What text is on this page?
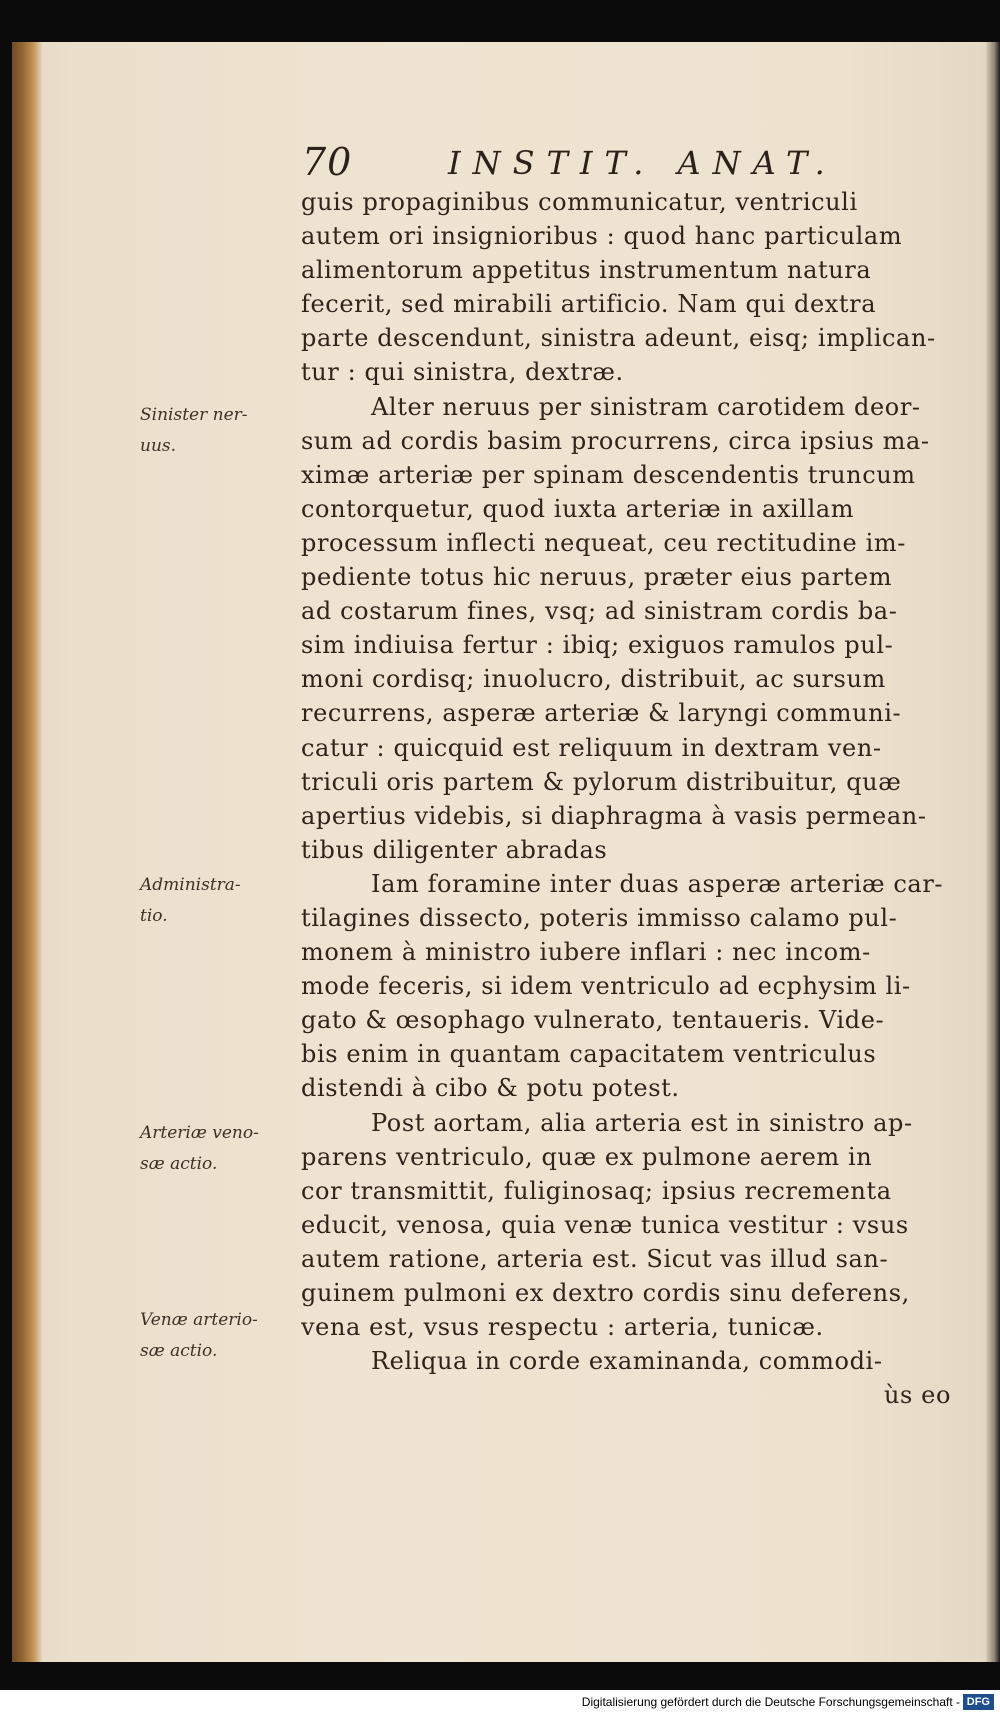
70	INSTIT. ANAT.
guis propaginibus communicatur, ventriculi
autem ori insignioribus : quod hanc particulam
alimentorum appetitus instrumentum natura
fecerit, sed mirabili artificio. Nam qui dextra
parte descendunt, sinistra adeunt, eisq; implican-
tur : qui sinistra, dextræ.
Alter neruus per sinistram carotidem deor-
sum ad cordis basim procurrens, circa ipsius ma-
ximæ arteriæ per spinam descendentis truncum
contorquetur, quod iuxta arteriæ in axillam
processum inflecti nequeat, ceu rectitudine im-
pediente totus hic neruus, præter eius partem
ad costarum fines, vsq; ad sinistram cordis ba-
sim indiuisa fertur : ibiq; exiguos ramulos pul-
moni cordisq; inuolucro, distribuit, ac sursum
recurrens, asperæ arteriæ & laryngi communi-
catur : quicquid est reliquum in dextram ven-
triculi oris partem & pylorum distribuitur, quæ
apertius videbis, si diaphragma à vasis permean-
tibus diligenter abradas
Iam foramine inter duas asperæ arteriæ car-
tilagines dissecto, poteris immisso calamo pul-
monem à ministro iubere inflari : nec incom-
mode feceris, si idem ventriculo ad ecphysim li-
gato & œsophago vulnerato, tentaueris. Vide-
bis enim in quantam capacitatem ventriculus
distendi à cibo & potu potest.
Post aortam, alia arteria est in sinistro ap-
parens ventriculo, quæ ex pulmone aerem in
cor transmittit, fuliginosaq; ipsius recrementa
educit, venosa, quia venæ tunica vestitur : vsus
autem ratione, arteria est. Sicut vas illud san-
guinem pulmoni ex dextro cordis sinu deferens,
vena est, vsus respectu : arteria, tunicæ.
Reliqua in corde examinanda, commodi-
ùs eo
Sinister ner-
uus.
Administra-
tio.
Arteriæ veno-
sæ actio.
Venæ arterio-
sæ actio.
Digitalisierung gefördert durch die Deutsche Forschungsgemeinschaft - DFG
